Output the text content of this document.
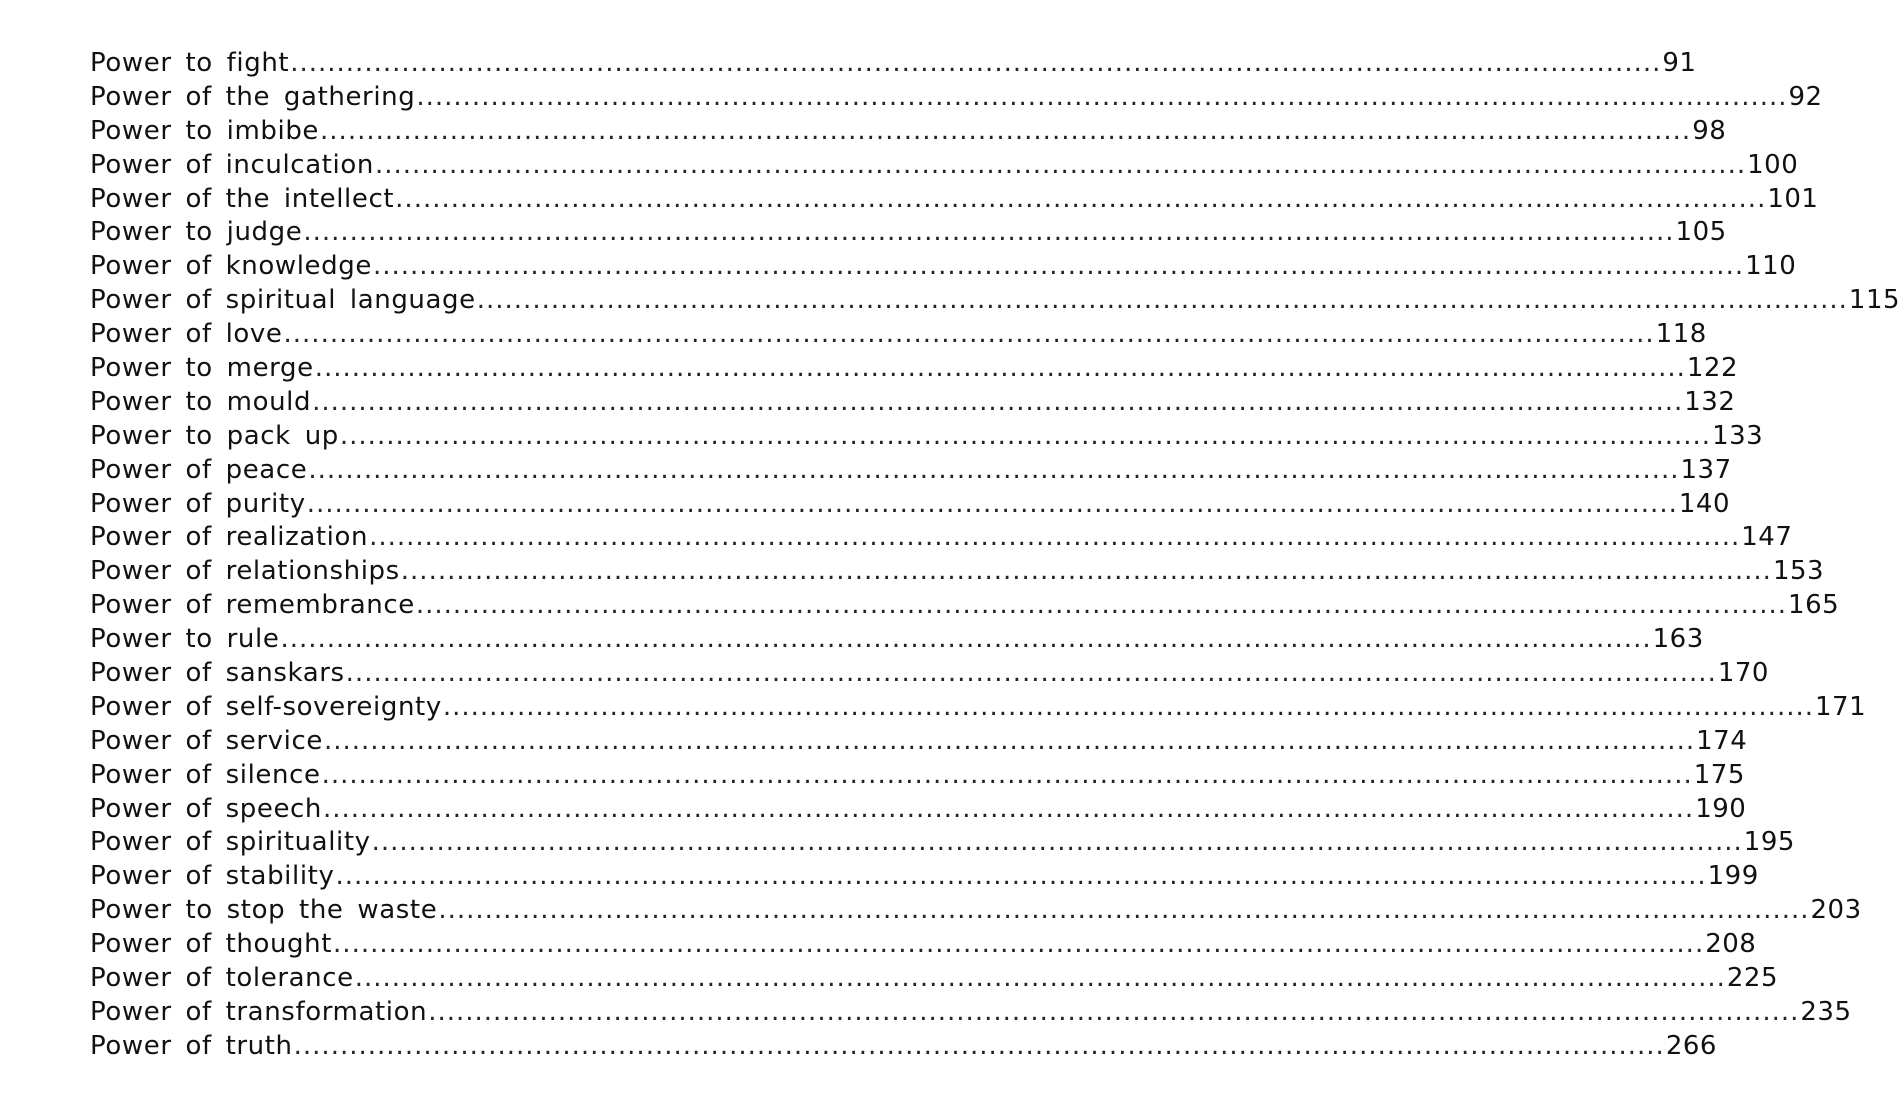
Power to fight .................................................................................................................................................... 91
Power of the gathering .................................................................................................................................................... 92
Power to imbibe .................................................................................................................................................... 98
Power of inculcation .................................................................................................................................................... 100
Power of the intellect .................................................................................................................................................... 101
Power to judge .................................................................................................................................................... 105
Power of knowledge .................................................................................................................................................... 110
Power of spiritual language .................................................................................................................................................... 115
Power of love .................................................................................................................................................... 118
Power to merge .................................................................................................................................................... 122
Power to mould .................................................................................................................................................... 132
Power to pack up .................................................................................................................................................... 133
Power of peace .................................................................................................................................................... 137
Power of purity .................................................................................................................................................... 140
Power of realization .................................................................................................................................................... 147
Power of relationships .................................................................................................................................................... 153
Power of remembrance .................................................................................................................................................... 165
Power to rule .................................................................................................................................................... 163
Power of sanskars .................................................................................................................................................... 170
Power of self-sovereignty .................................................................................................................................................... 171
Power of service .................................................................................................................................................... 174
Power of silence .................................................................................................................................................... 175
Power of speech .................................................................................................................................................... 190
Power of spirituality .................................................................................................................................................... 195
Power of stability .................................................................................................................................................... 199
Power to stop the waste .................................................................................................................................................... 203
Power of thought .................................................................................................................................................... 208
Power of tolerance .................................................................................................................................................... 225
Power of transformation .................................................................................................................................................... 235
Power of truth .................................................................................................................................................... 266
